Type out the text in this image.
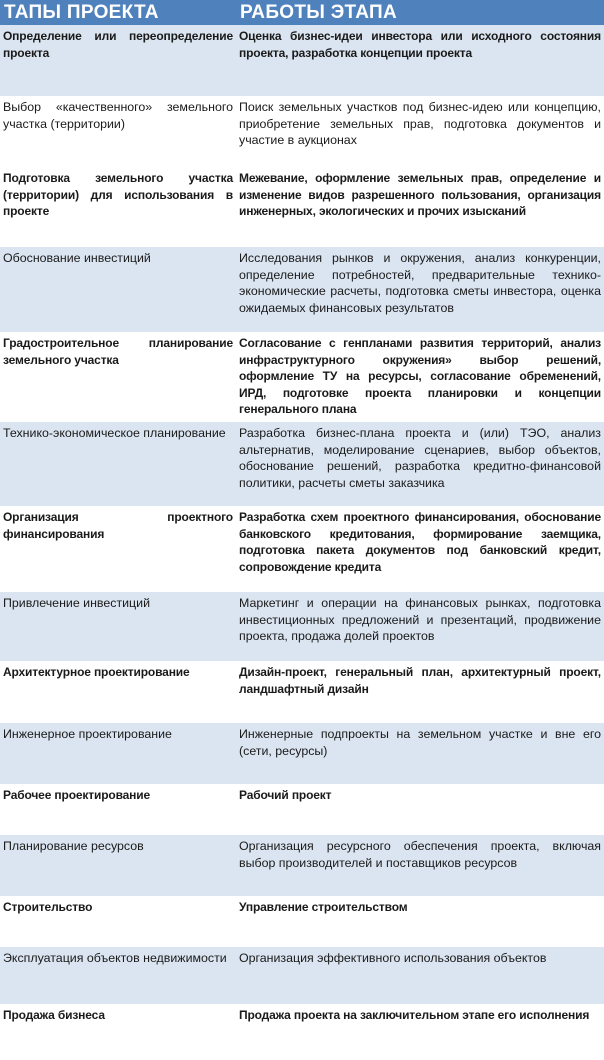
ТАПЫ ПРОЕКТА	РАБОТЫ ЭТАПА
Определение или переопределение проекта	Оценка бизнес-идеи инвестора или исходного состояния проекта, разработка концепции проекта
Выбор «качественного» земельного участка (территории)	Поиск земельных участков под бизнес-идею или концепцию, приобретение земельных прав, подготовка документов и участие в аукционах
Подготовка земельного участка (территории) для использования в проекте	Межевание, оформление земельных прав, определение и изменение видов разрешенного пользования, организация инженерных, экологических и прочих изысканий
Обоснование инвестиций	Исследования рынков и окружения, анализ конкуренции, определение потребностей, предварительные технико-экономические расчеты, подготовка сметы инвестора, оценка ожидаемых финансовых результатов
Градостроительное планирование земельного участка	Согласование с генпланами развития территорий, анализ инфраструктурного окружения» выбор решений, оформление ТУ на ресурсы, согласование обременений, ИРД, подготовке проекта планировки и концепции генерального плана
Технико-экономическое планирование	Разработка бизнес-плана проекта и (или) ТЭО, анализ альтернатив, моделирование сценариев, выбор объектов, обоснование решений, разработка кредитно-финансовой политики, расчеты сметы заказчика
Организация проектного финансирования	Разработка схем проектного финансирования, обоснование банковского кредитования, формирование заемщика, подготовка пакета документов под банковский кредит, сопровождение кредита
Привлечение инвестиций	Маркетинг и операции на финансовых рынках, подготовка инвестиционных предложений и презентаций, продвижение проекта, продажа долей проектов
Архитектурное проектирование	Дизайн-проект, генеральный план, архитектурный проект, ландшафтный дизайн
Инженерное проектирование	Инженерные подпроекты на земельном участке и вне его (сети, ресурсы)
Рабочее проектирование	Рабочий проект
Планирование ресурсов	Организация ресурсного обеспечения проекта, включая выбор производителей и поставщиков ресурсов
Строительство	Управление строительством
Эксплуатация объектов недвижимости	Организация эффективного использования объектов
Продажа бизнеса	Продажа проекта на заключительном этапе его исполнения
